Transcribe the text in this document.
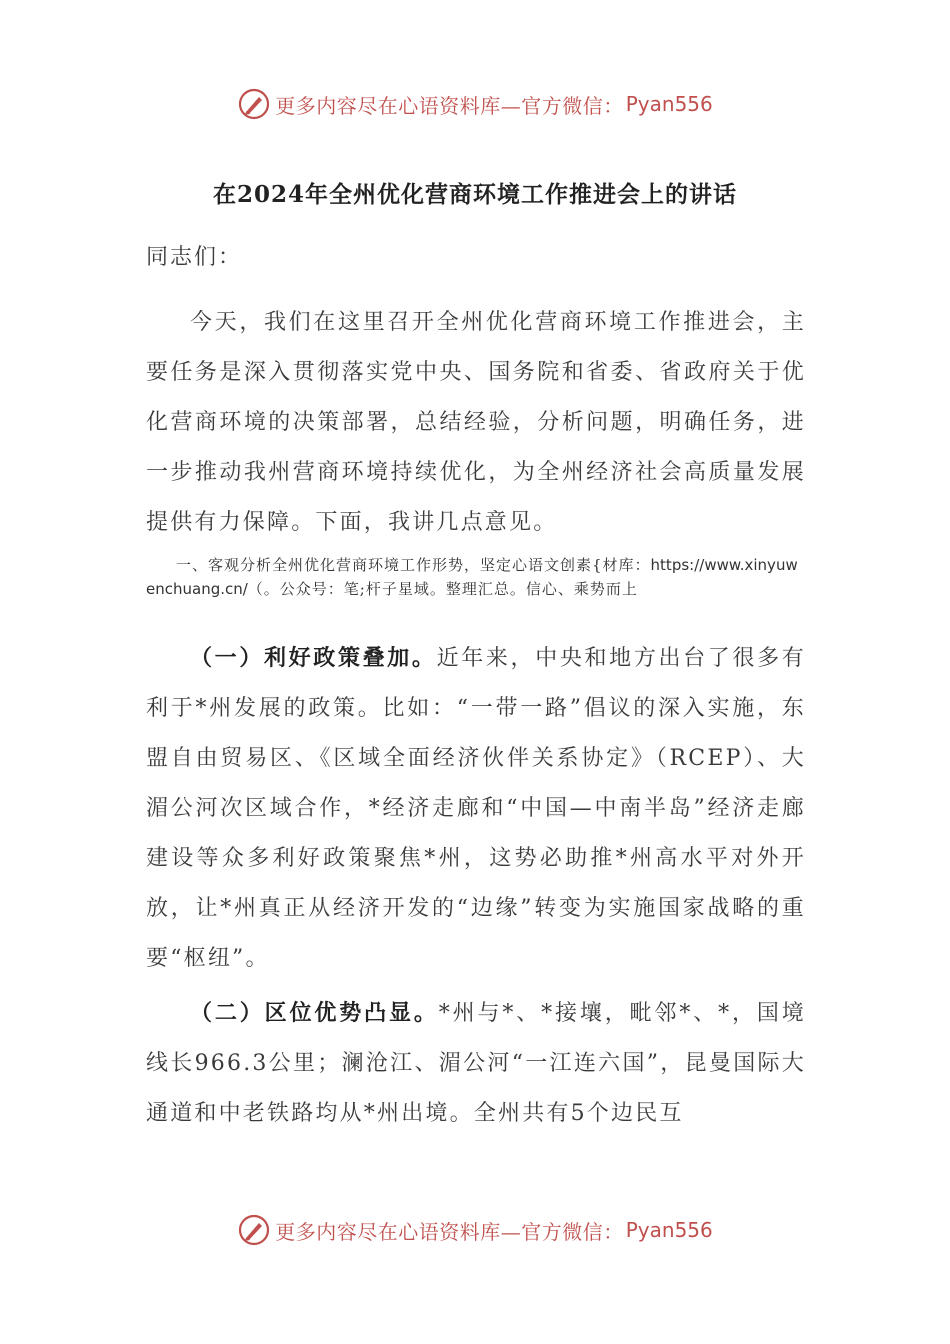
更多内容尽在心语资料库—官方微信： Pyan556
在2024年全州优化营商环境工作推进会上的讲话
同志们：
今天，我们在这里召开全州优化营商环境工作推进会，主要任务是深入贯彻落实党中央、国务院和省委、省政府关于优化营商环境的决策部署，总结经验，分析问题，明确任务，进一步推动我州营商环境持续优化，为全州经济社会高质量发展提供有力保障。下面，我讲几点意见。
一、客观分析全州优化营商环境工作形势，坚定心语文创素{材库：https://www.xinyuwenchuang.cn/（。公众号：笔;杆子星域。整理汇总。信心、乘势而上
（一）利好政策叠加。近年来，中央和地方出台了很多有利于*州发展的政策。比如：“一带一路”倡议的深入实施，东盟自由贸易区、《区域全面经济伙伴关系协定》（RCEP）、大湄公河次区域合作，*经济走廊和“中国—中南半岛”经济走廊建设等众多利好政策聚焦*州，这势必助推*州高水平对外开放，让*州真正从经济开发的“边缘”转变为实施国家战略的重要“枢纽”。
（二）区位优势凸显。*州与*、*接壤，毗邻*、*，国境线长966.3公里；澜沧江、湄公河“一江连六国”，昆曼国际大通道和中老铁路均从*州出境。全州共有5个边民互
更多内容尽在心语资料库—官方微信： Pyan556
